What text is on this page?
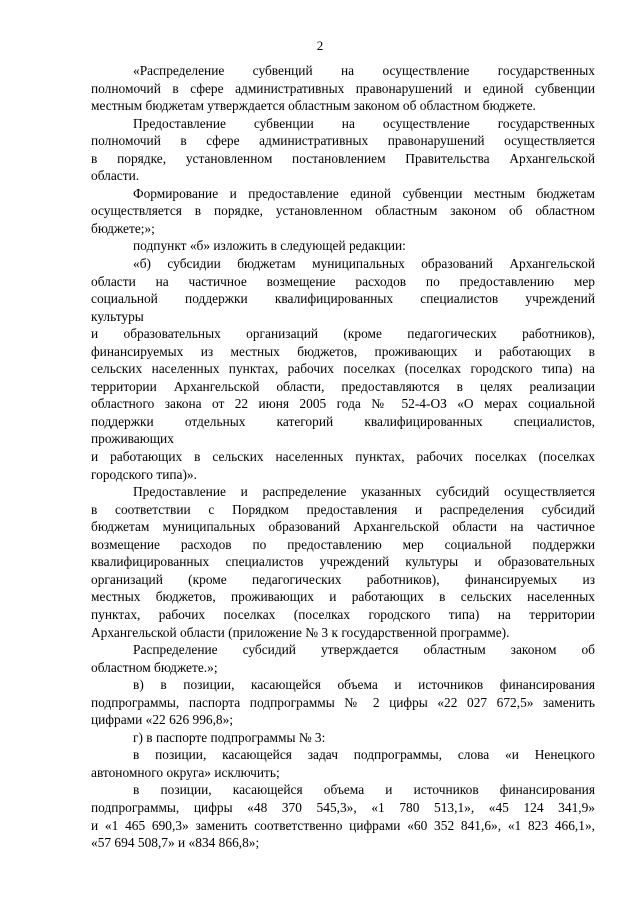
2
«Распределение субвенций на осуществление государственных
полномочий в сфере административных правонарушений и единой субвенции
местным бюджетам утверждается областным законом об областном бюджете.
Предоставление субвенции на осуществление государственных
полномочий в сфере административных правонарушений осуществляется
в порядке, установленном постановлением Правительства Архангельской
области.
Формирование и предоставление единой субвенции местным бюджетам
осуществляется в порядке, установленном областным законом об областном
бюджете;»;
подпункт «б» изложить в следующей редакции:
«б) субсидии бюджетам муниципальных образований Архангельской
области на частичное возмещение расходов по предоставлению мер
социальной поддержки квалифицированных специалистов учреждений
культуры
и образовательных организаций (кроме педагогических работников),
финансируемых из местных бюджетов, проживающих и работающих в
сельских населенных пунктах, рабочих поселках (поселках городского типа) на
территории Архангельской области, предоставляются в целях реализации
областного закона от 22 июня 2005 года № 52-4-ОЗ «О мерах социальной
поддержки отдельных категорий квалифицированных специалистов,
проживающих
и работающих в сельских населенных пунктах, рабочих поселках (поселках
городского типа)».
Предоставление и распределение указанных субсидий осуществляется
в соответствии с Порядком предоставления и распределения субсидий
бюджетам муниципальных образований Архангельской области на частичное
возмещение расходов по предоставлению мер социальной поддержки
квалифицированных специалистов учреждений культуры и образовательных
организаций (кроме педагогических работников), финансируемых из
местных бюджетов, проживающих и работающих в сельских населенных
пунктах, рабочих поселках (поселках городского типа) на территории
Архангельской области (приложение № 3 к государственной программе).
Распределение субсидий утверждается областным законом об
областном бюджете.»;
в) в позиции, касающейся объема и источников финансирования
подпрограммы, паспорта подпрограммы № 2 цифры «22 027 672,5» заменить
цифрами «22 626 996,8»;
г) в паспорте подпрограммы № 3:
в позиции, касающейся задач подпрограммы, слова «и Ненецкого
автономного округа» исключить;
в позиции, касающейся объема и источников финансирования
подпрограммы, цифры «48 370 545,3», «1 780 513,1», «45 124 341,9»
и «1 465 690,3» заменить соответственно цифрами «60 352 841,6», «1 823 466,1»,
«57 694 508,7» и «834 866,8»;
